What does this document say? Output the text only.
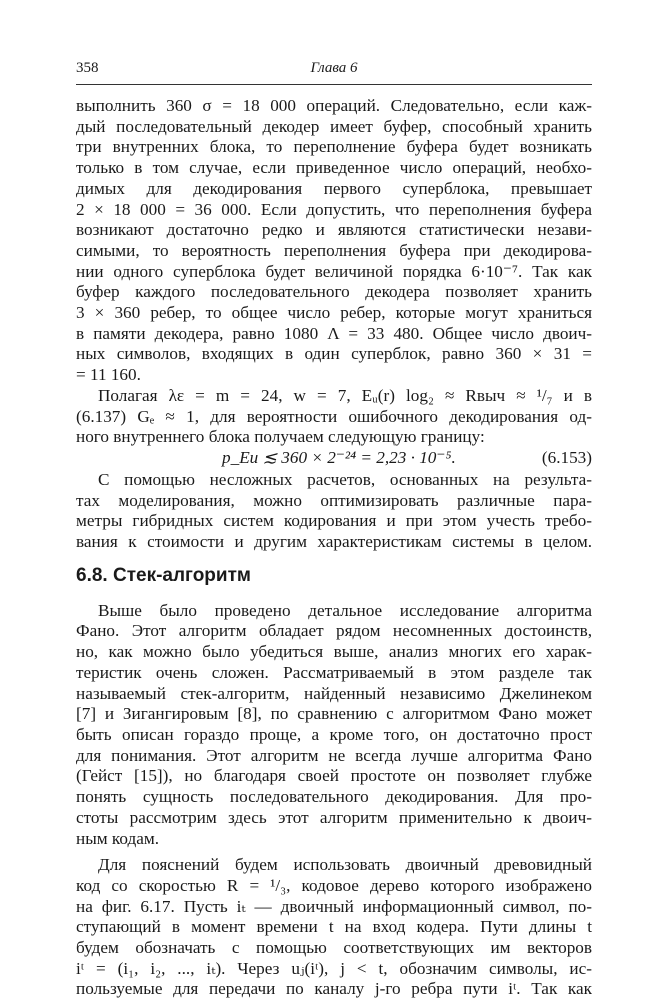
358	Глава 6

выполнить 360 σ = 18 000 операций. Следовательно, если каж-

дый последовательный декодер имеет буфер, способный хранить

три внутренних блока, то переполнение буфера будет возникать

только в том случае, если приведенное число операций, необхо-

димых для декодирования первого суперблока, превышает

2 × 18 000 = 36 000. Если допустить, что переполнения буфера

возникают достаточно редко и являются статистически незави-

симыми, то вероятность переполнения буфера при декодирова-

нии одного суперблока будет величиной порядка 6·10⁻⁷. Так как

буфер каждого последовательного декодера позволяет хранить

3 × 360 ребер, то общее число ребер, которые могут храниться

в памяти декодера, равно 1080 Λ = 33 480. Общее число двоич-

ных символов, входящих в один суперблок, равно 360 × 31 =

= 11 160.

Полагая λε = m = 24, w = 7, Eᵤ(r) log₂ ≈ Rвыч ≈ ¹/₇ и в

(6.137) Gₑ ≈ 1, для вероятности ошибочного декодирования од-

ного внутреннего блока получаем следующую границу:

p_Eu ≲ 360 × 2⁻²⁴ = 2,23 · 10⁻⁵.	(6.153)

С помощью несложных расчетов, основанных на результа-

тах моделирования, можно оптимизировать различные пара-

метры гибридных систем кодирования и при этом учесть требо-

вания к стоимости и другим характеристикам системы в целом.

6.8. Стек-алгоритм

Выше было проведено детальное исследование алгоритма

Фано. Этот алгоритм обладает рядом несомненных достоинств,

но, как можно было убедиться выше, анализ многих его харак-

теристик очень сложен. Рассматриваемый в этом разделе так

называемый стек-алгоритм, найденный независимо Джелинеком

[7] и Зигангировым [8], по сравнению с алгоритмом Фано может

быть описан гораздо проще, а кроме того, он достаточно прост

для понимания. Этот алгоритм не всегда лучше алгоритма Фано

(Гейст [15]), но благодаря своей простоте он позволяет глубже

понять сущность последовательного декодирования. Для про-

стоты рассмотрим здесь этот алгоритм применительно к двоич-

ным кодам.

Для пояснений будем использовать двоичный древовидный

код со скоростью R = ¹/₃, кодовое дерево которого изображено

на фиг. 6.17. Пусть iₜ — двоичный информационный символ, по-

ступающий в момент времени t на вход кодера. Пути длины t

будем обозначать с помощью соответствующих им векторов

iᵗ = (i₁, i₂, ..., iₜ). Через uⱼ(iᵗ), j < t, обозначим символы, ис-

пользуемые для передачи по каналу j-го ребра пути iᵗ. Так как
